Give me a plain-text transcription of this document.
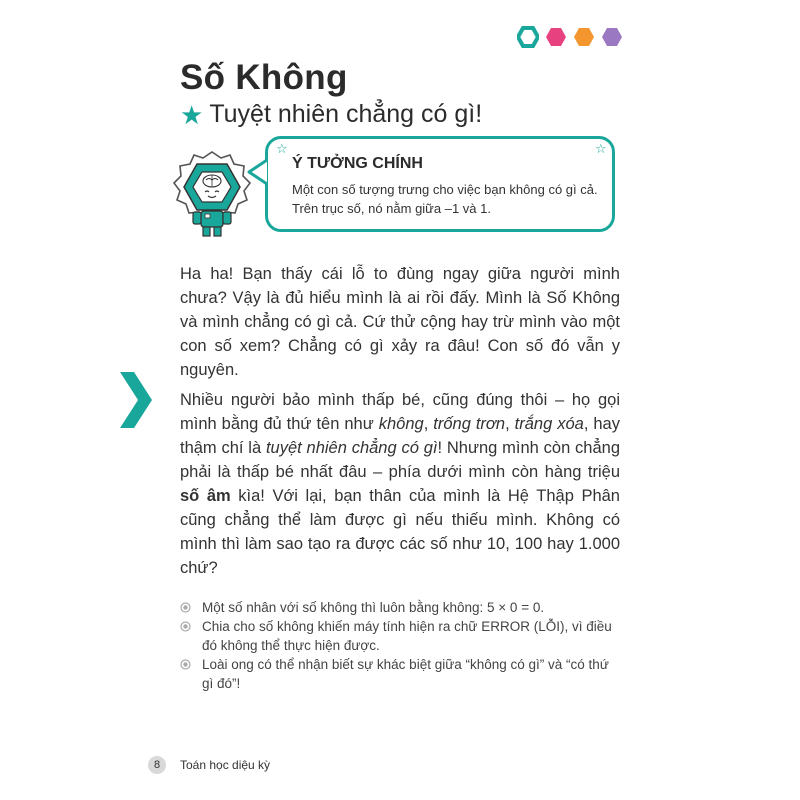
Số Không
★ Tuyệt nhiên chẳng có gì!
☆	☆
Ý TƯỞNG CHÍNH
Một con số tượng trưng cho việc bạn không có gì cả. Trên trục số, nó nằm giữa –1 và 1.
Ha ha! Bạn thấy cái lỗ to đùng ngay giữa người mình chưa? Vậy là đủ hiểu mình là ai rồi đấy. Mình là Số Không và mình chẳng có gì cả. Cứ thử cộng hay trừ mình vào một con số xem? Chẳng có gì xảy ra đâu! Con số đó vẫn y nguyên.
Nhiều người bảo mình thấp bé, cũng đúng thôi – họ gọi mình bằng đủ thứ tên như không, trống trơn, trắng xóa, hay thậm chí là tuyệt nhiên chẳng có gì! Nhưng mình còn chẳng phải là thấp bé nhất đâu – phía dưới mình còn hàng triệu số âm kìa! Với lại, bạn thân của mình là Hệ Thập Phân cũng chẳng thể làm được gì nếu thiếu mình. Không có mình thì làm sao tạo ra được các số như 10, 100 hay 1.000 chứ?
Một số nhân với số không thì luôn bằng không: 5 × 0 = 0.
Chia cho số không khiến máy tính hiện ra chữ ERROR (LỖI), vì điều đó không thể thực hiện được.
Loài ong có thể nhận biết sự khác biệt giữa “không có gì” và “có thứ gì đó”!
8	Toán học diệu kỳ
